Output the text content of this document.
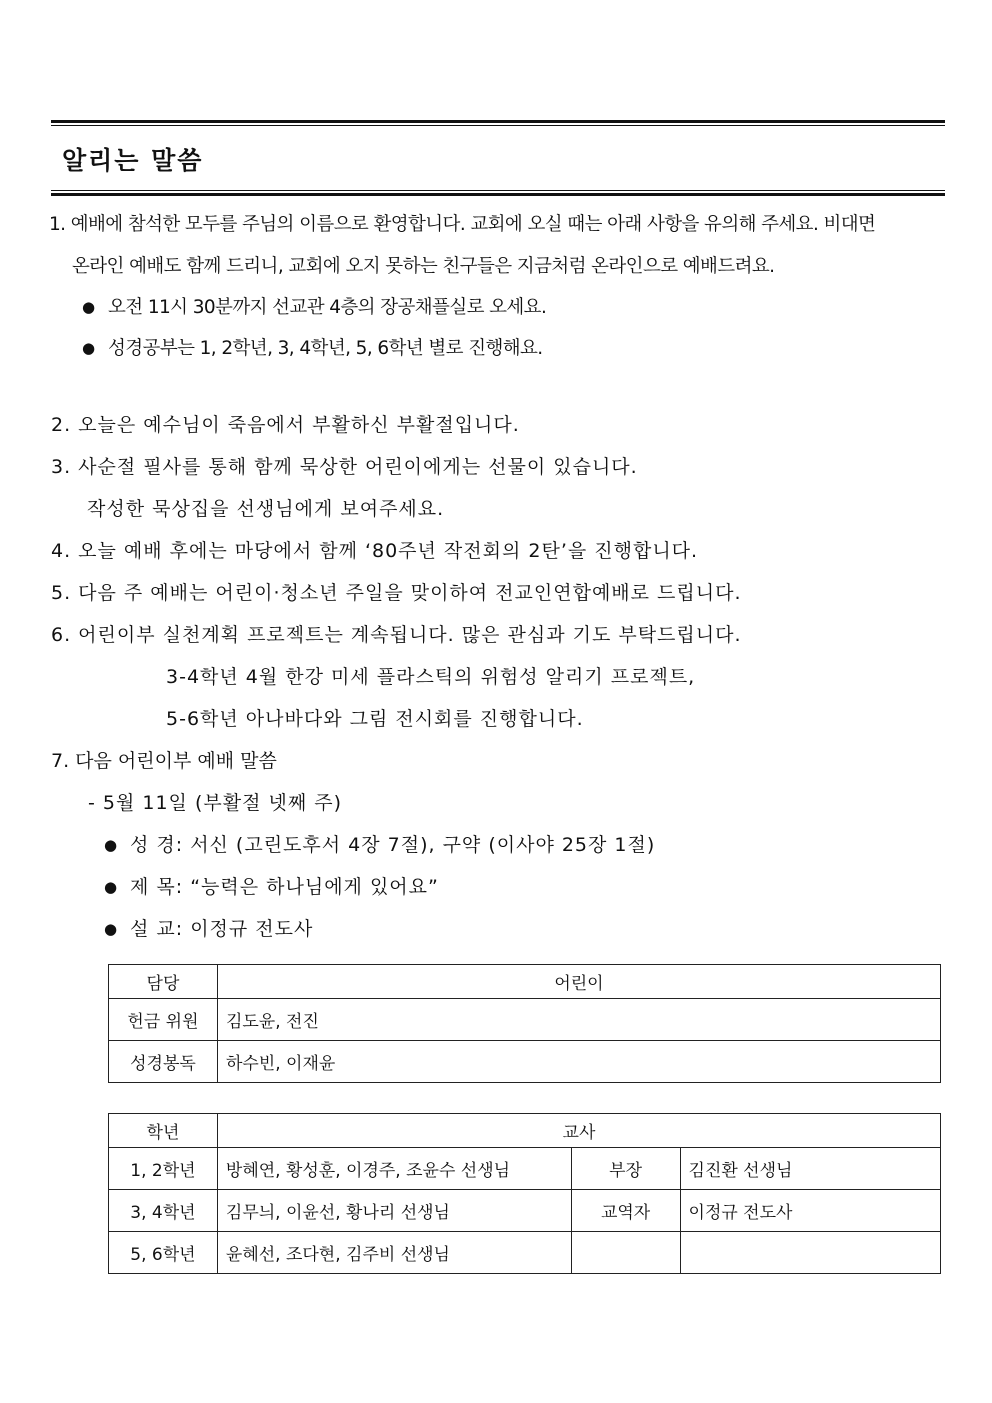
알리는 말씀
1. 예배에 참석한 모두를 주님의 이름으로 환영합니다. 교회에 오실 때는 아래 사항을 유의해 주세요. 비대면
온라인 예배도 함께 드리니, 교회에 오지 못하는 친구들은 지금처럼 온라인으로 예배드려요.
● 오전 11시 30분까지 선교관 4층의 장공채플실로 오세요.
● 성경공부는 1, 2학년, 3, 4학년, 5, 6학년 별로 진행해요.
2. 오늘은 예수님이 죽음에서 부활하신 부활절입니다.
3. 사순절 필사를 통해 함께 묵상한 어린이에게는 선물이 있습니다.
작성한 묵상집을 선생님에게 보여주세요.
4. 오늘 예배 후에는 마당에서 함께 ‘80주년 작전회의 2탄’을 진행합니다.
5. 다음 주 예배는 어린이·청소년 주일을 맞이하여 전교인연합예배로 드립니다.
6. 어린이부 실천계획 프로젝트는 계속됩니다. 많은 관심과 기도 부탁드립니다.
3-4학년 4월 한강 미세 플라스틱의 위험성 알리기 프로젝트,
5-6학년 아나바다와 그림 전시회를 진행합니다.
7. 다음 어린이부 예배 말씀
- 5월 11일 (부활절 넷째 주)
● 성 경: 서신 (고린도후서 4장 7절), 구약 (이사야 25장 1절)
● 제 목: “능력은 하나님에게 있어요”
● 설 교: 이정규 전도사
담당	어린이
헌금 위원	김도윤, 전진
성경봉독	하수빈, 이재윤
학년	교사		
1, 2학년	방혜연, 황성훈, 이경주, 조윤수 선생님	부장	김진환 선생님
3, 4학년	김무늬, 이윤선, 황나리 선생님	교역자	이정규 전도사
5, 6학년	윤혜선, 조다현, 김주비 선생님		
